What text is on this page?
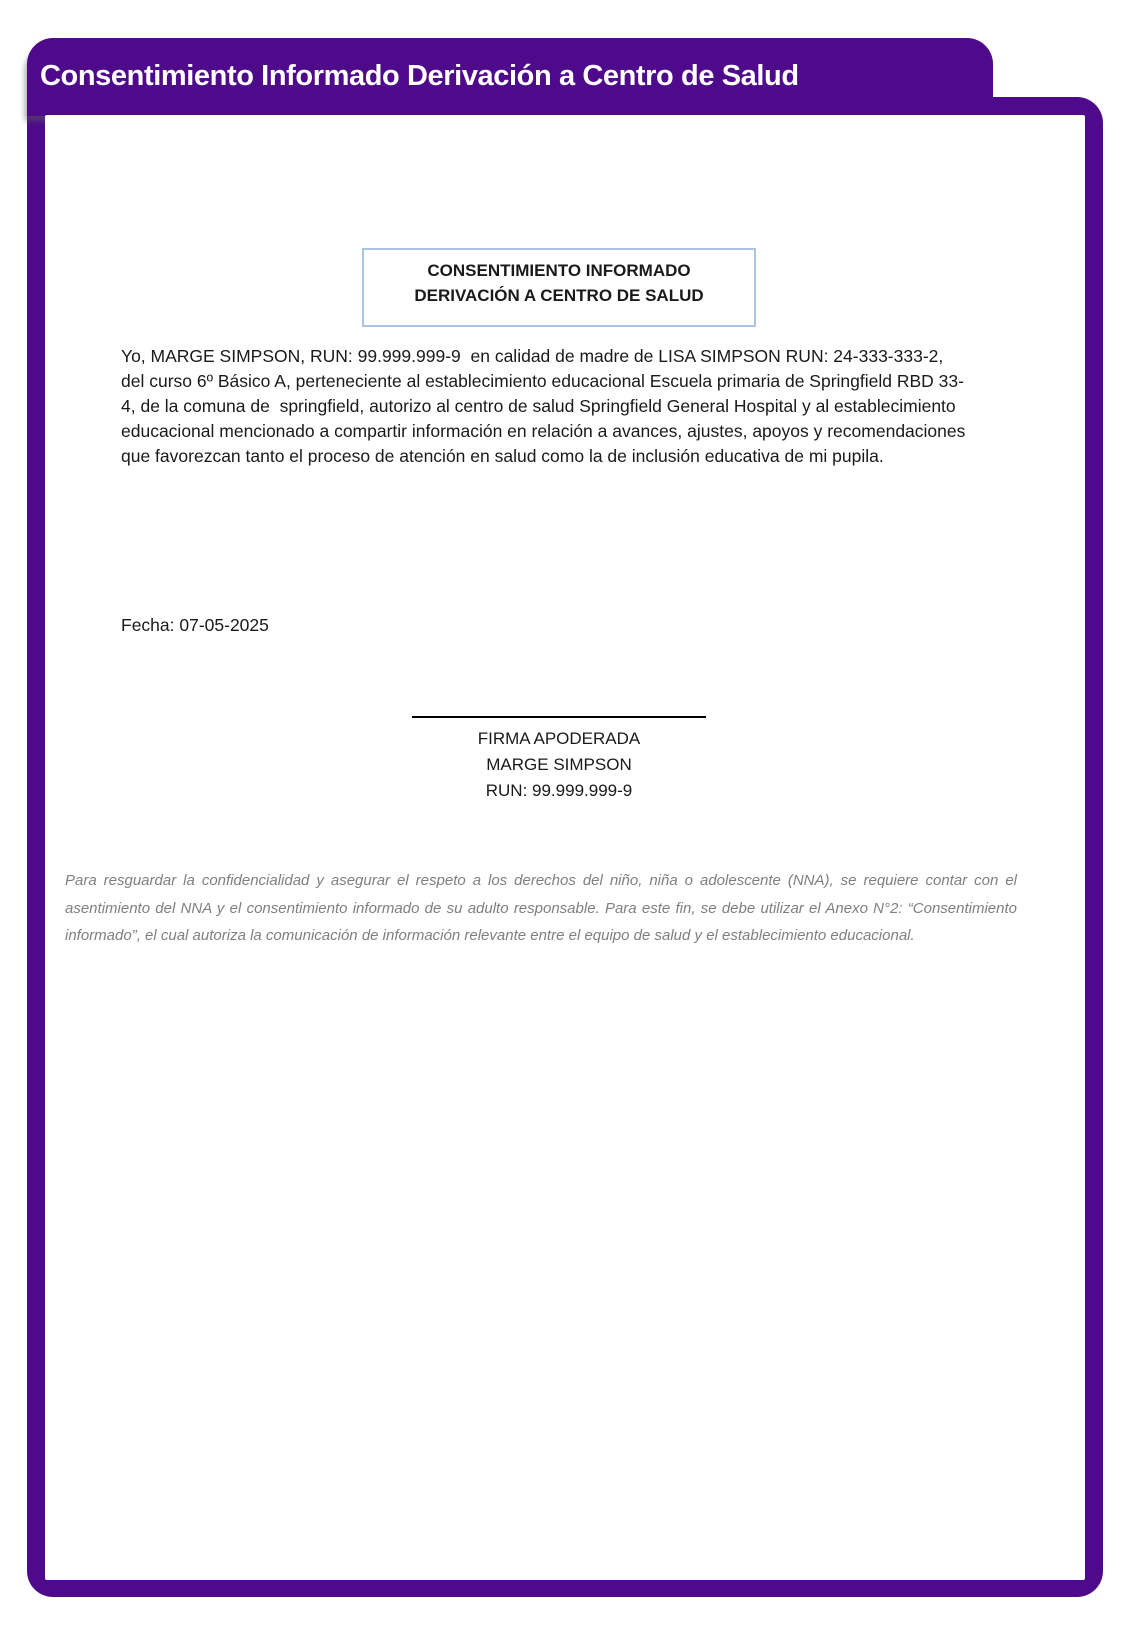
Consentimiento Informado Derivación a Centro de Salud
CONSENTIMIENTO INFORMADO
DERIVACIÓN A CENTRO DE SALUD

Yo, MARGE SIMPSON, RUN: 99.999.999-9  en calidad de madre de LISA SIMPSON RUN: 24-333-333-2, del curso 6º Básico A, perteneciente al establecimiento educacional Escuela primaria de Springfield RBD 33-4, de la comuna de  springfield, autorizo al centro de salud Springfield General Hospital y al establecimiento educacional mencionado a compartir información en relación a avances, ajustes, apoyos y recomendaciones que favorezcan tanto el proceso de atención en salud como la de inclusión educativa de mi pupila.

Fecha: 07-05-2025
FIRMA APODERADA
MARGE SIMPSON
RUN: 99.999.999-9

Para resguardar la confidencialidad y asegurar el respeto a los derechos del niño, niña o adolescente (NNA), se requiere contar con el asentimiento del NNA y el consentimiento informado de su adulto responsable. Para este fin, se debe utilizar el Anexo N°2: “Consentimiento informado”, el cual autoriza la comunicación de información relevante entre el equipo de salud y el establecimiento educacional.
